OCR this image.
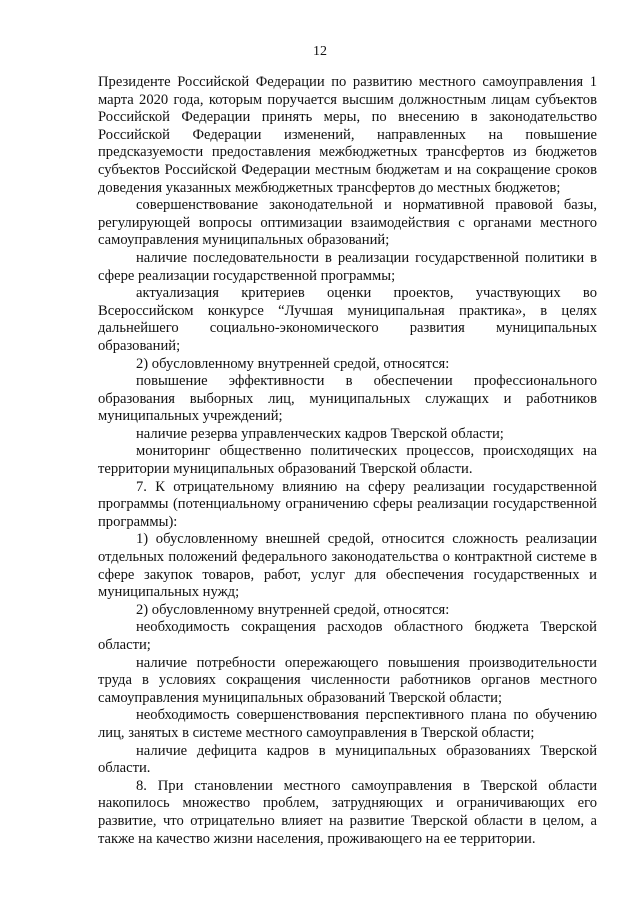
12

Президенте Российской Федерации по развитию местного самоуправления 1 марта 2020 года, которым поручается высшим должностным лицам субъектов Российской Федерации принять меры, по внесению в законодательство Российской Федерации изменений, направленных на повышение предсказуемости предоставления межбюджетных трансфертов из бюджетов субъектов Российской Федерации местным бюджетам и на сокращение сроков доведения указанных межбюджетных трансфертов до местных бюджетов;

совершенствование законодательной и нормативной правовой базы, регулирующей вопросы оптимизации взаимодействия с органами местного самоуправления муниципальных образований;

наличие последовательности в реализации государственной политики в сфере реализации государственной программы;

актуализация критериев оценки проектов, участвующих во Всероссийском конкурсе “Лучшая муниципальная практика», в целях дальнейшего социально-экономического развития муниципальных образований;

2) обусловленному внутренней средой, относятся:

повышение эффективности в обеспечении профессионального образования выборных лиц, муниципальных служащих и работников муниципальных учреждений;

наличие резерва управленческих кадров Тверской области;

мониторинг общественно политических процессов, происходящих на территории муниципальных образований Тверской области.

7. К отрицательному влиянию на сферу реализации государственной программы (потенциальному ограничению сферы реализации государственной программы):

1) обусловленному внешней средой, относится сложность реализации отдельных положений федерального законодательства о контрактной системе в сфере закупок товаров, работ, услуг для обеспечения государственных и муниципальных нужд;

2) обусловленному внутренней средой, относятся:

необходимость сокращения расходов областного бюджета Тверской области;

наличие потребности опережающего повышения производительности труда в условиях сокращения численности работников органов местного самоуправления муниципальных образований Тверской области;

необходимость совершенствования перспективного плана по обучению лиц, занятых в системе местного самоуправления в Тверской области;

наличие дефицита кадров в муниципальных образованиях Тверской области.

8. При становлении местного самоуправления в Тверской области накопилось множество проблем, затрудняющих и ограничивающих его развитие, что отрицательно влияет на развитие Тверской области в целом, а также на качество жизни населения, проживающего на ее территории.
